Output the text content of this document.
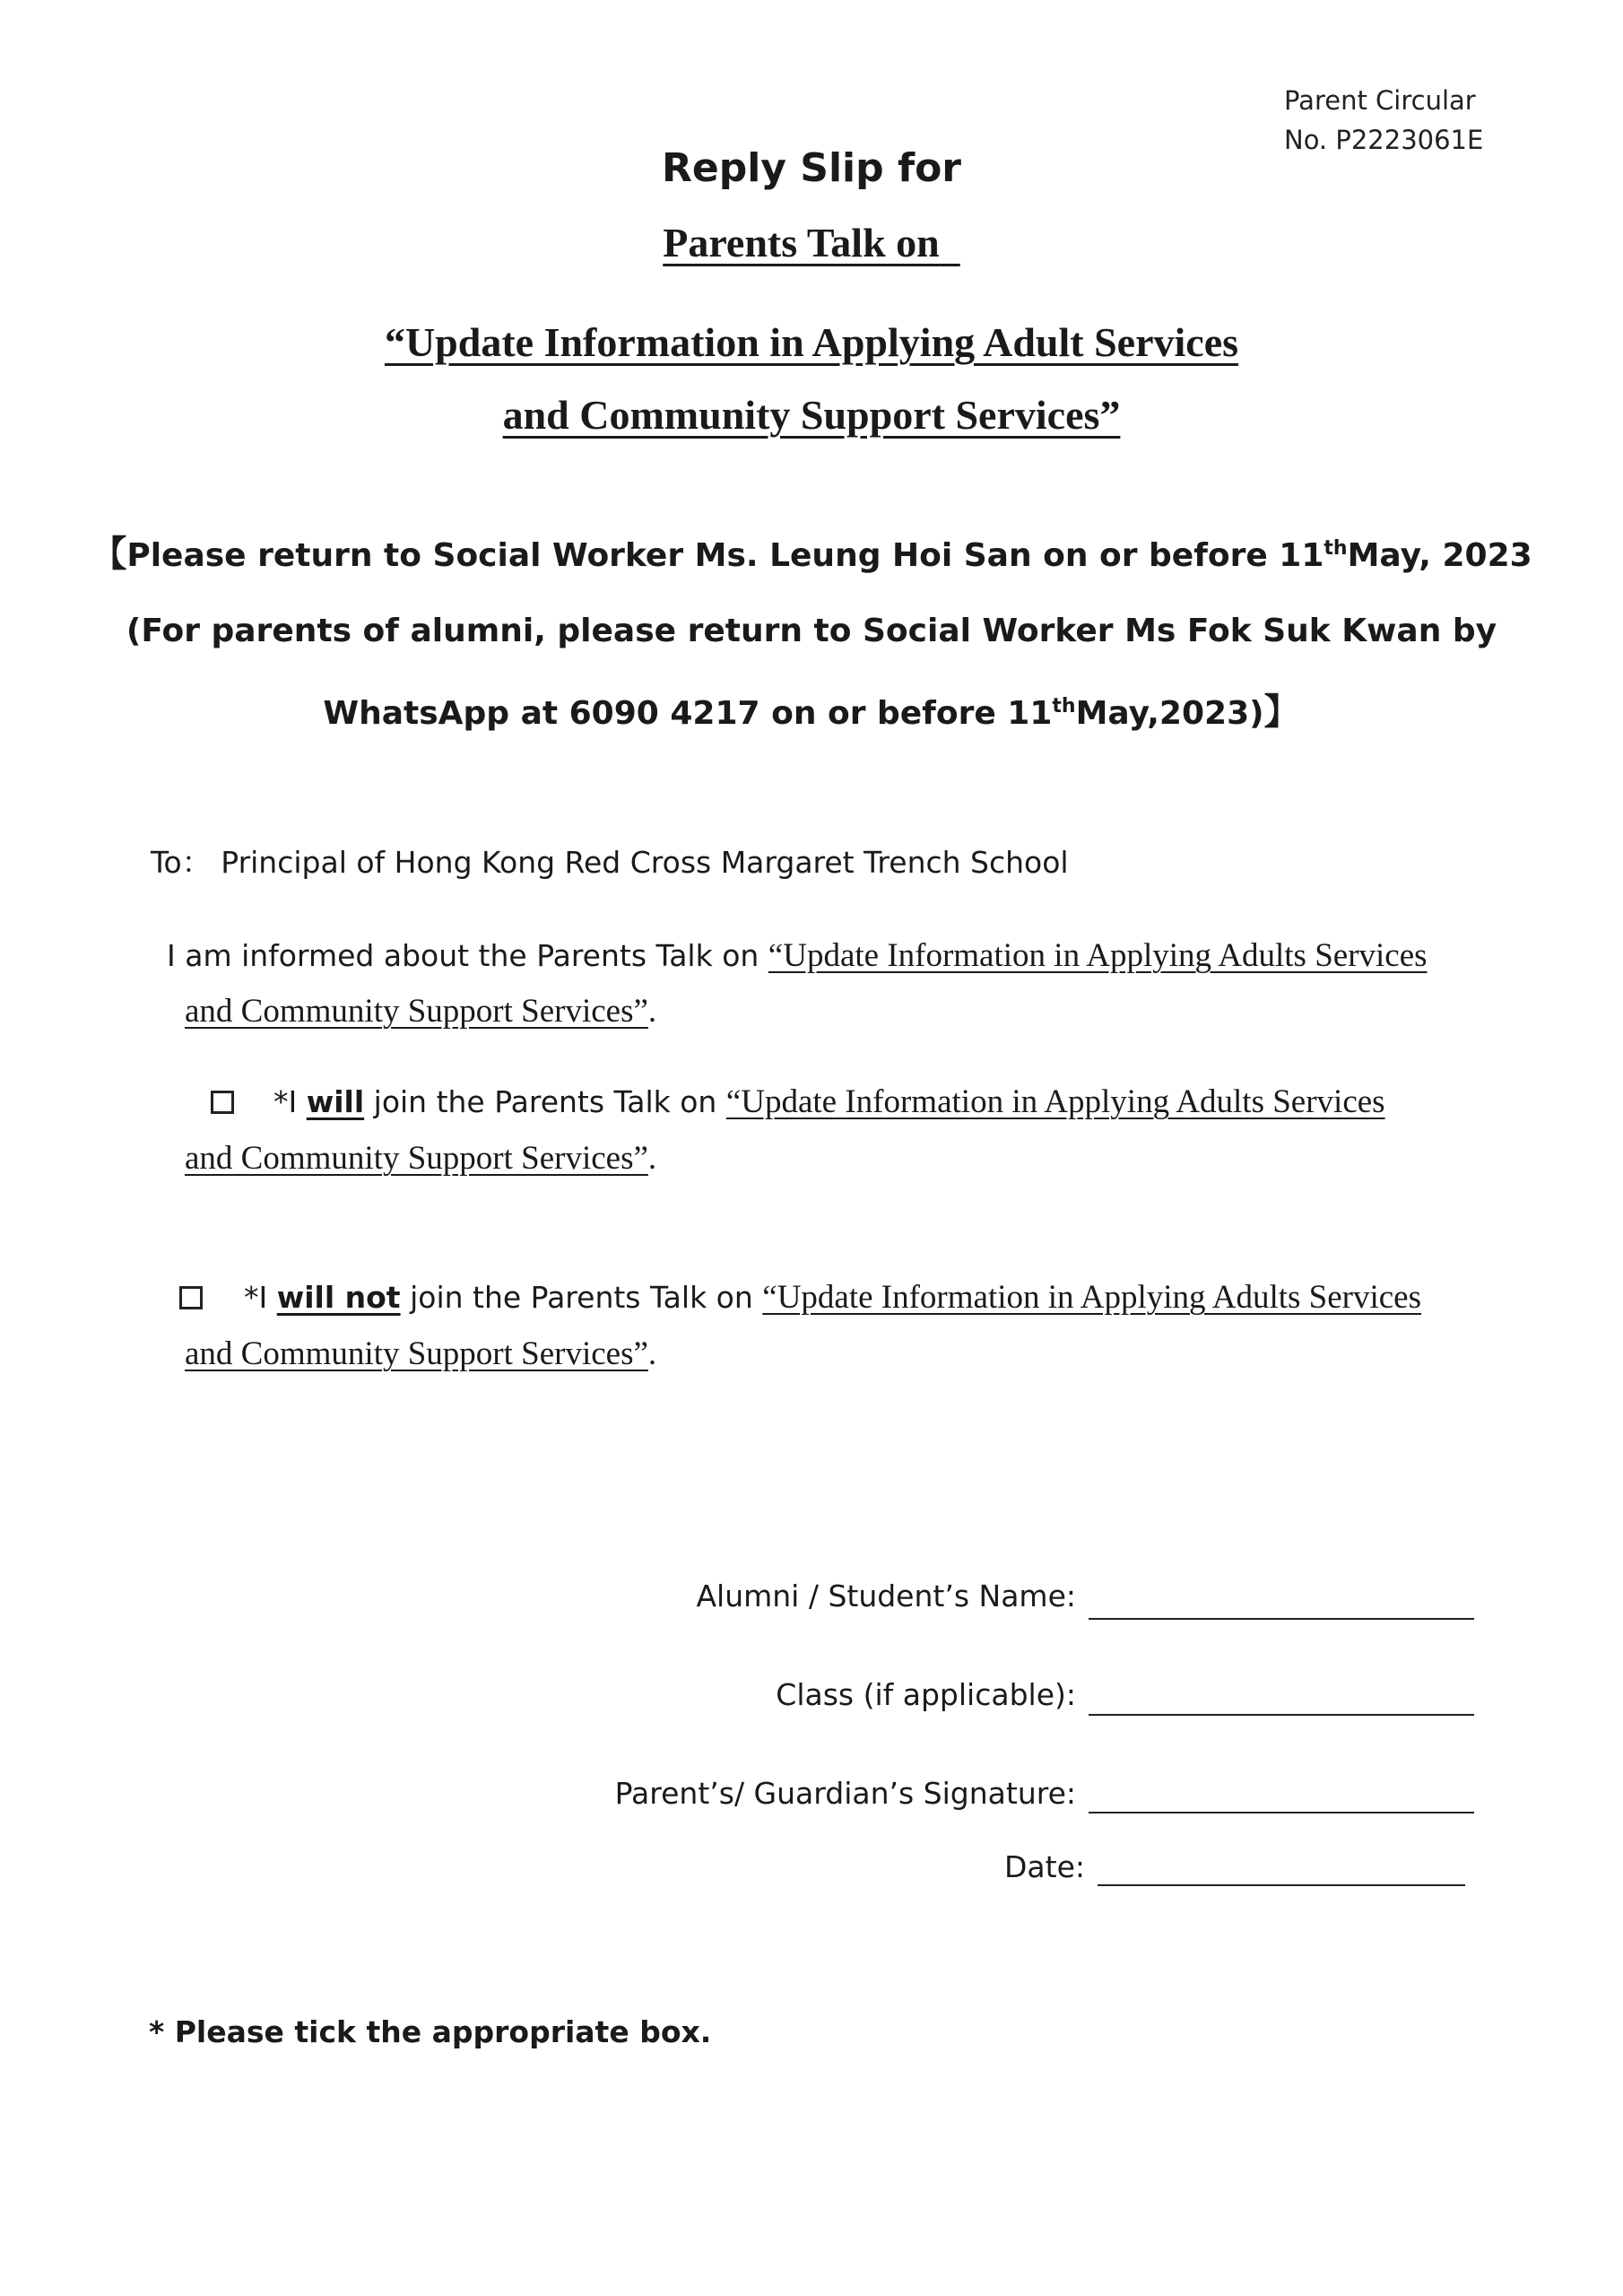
Parent Circular
No. P2223061E
Reply Slip for
Parents Talk on
“Update Information in Applying Adult Services
and Community Support Services”
【Please return to Social Worker Ms. Leung Hoi San on or before 11thMay, 2023
(For parents of alumni, please return to Social Worker Ms Fok Suk Kwan by
WhatsApp at 6090 4217 on or before 11thMay,2023)】
To： Principal of Hong Kong Red Cross Margaret Trench School
I am informed about the Parents Talk on “Update Information in Applying Adults Services
and Community Support Services”.
*I will join the Parents Talk on “Update Information in Applying Adults Services
and Community Support Services”.
*I will not join the Parents Talk on “Update Information in Applying Adults Services
and Community Support Services”.
Alumni / Student’s Name:
Class (if applicable):
Parent’s/ Guardian’s Signature:
Date:
* Please tick the appropriate box.
